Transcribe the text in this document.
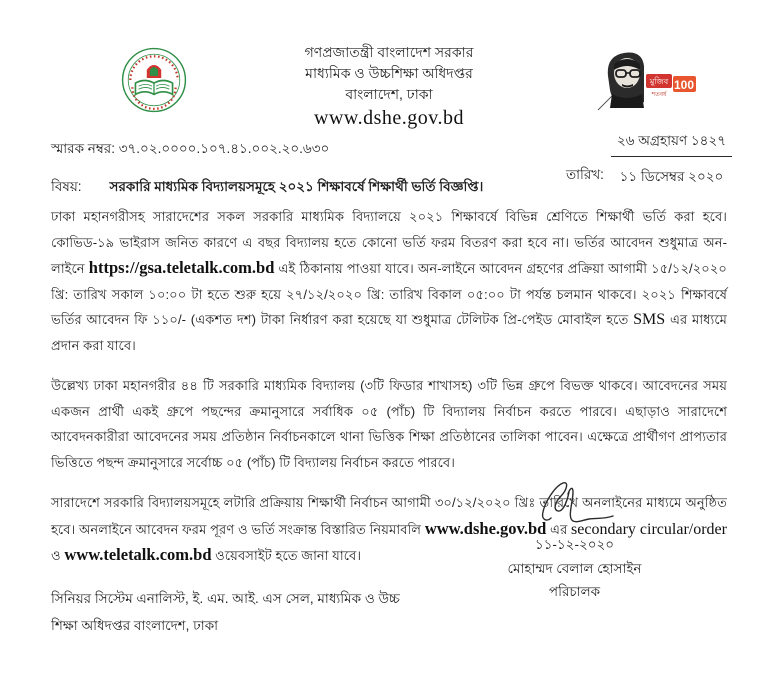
মুজিব
শতবর্ষ
100
গণপ্রজাতন্ত্রী বাংলাদেশ সরকার
মাধ্যমিক ও উচ্চশিক্ষা অধিদপ্তর
বাংলাদেশ, ঢাকা
www.dshe.gov.bd
স্মারক নম্বর: ৩৭.০২.০০০০.১০৭.৪১.০০২.২০.৬৩০
তারিখ:
২৬ অগ্রহায়ণ ১৪২৭
১১ ডিসেম্বর ২০২০
বিষয়: সরকারি মাধ্যমিক বিদ্যালয়সমূহে ২০২১ শিক্ষাবর্ষে শিক্ষার্থী ভর্তি বিজ্ঞপ্তি।

ঢাকা মহানগরীসহ সারাদেশের সকল সরকারি মাধ্যমিক বিদ্যালয়ে ২০২১ শিক্ষাবর্ষে বিভিন্ন শ্রেণিতে শিক্ষার্থী ভর্তি করা হবে। কোভিড-১৯ ভাইরাস জনিত কারণে এ বছর বিদ্যালয় হতে কোনো ভর্তি ফরম বিতরণ করা হবে না। ভর্তির আবেদন শুধুমাত্র অন-লাইনে https://gsa.teletalk.com.bd এই ঠিকানায় পাওয়া যাবে। অন-লাইনে আবেদন গ্রহণের প্রক্রিয়া আগামী ১৫/১২/২০২০ খ্রি: তারিখ সকাল ১০:০০ টা হতে শুরু হয়ে ২৭/১২/২০২০ খ্রি: তারিখ বিকাল ০৫:০০ টা পর্যন্ত চলমান থাকবে। ২০২১ শিক্ষাবর্ষে ভর্তির আবেদন ফি ১১০/- (একশত দশ) টাকা নির্ধারণ করা হয়েছে যা শুধুমাত্র টেলিটক প্রি-পেইড মোবাইল হতে SMS এর মাধ্যমে প্রদান করা যাবে।

উল্লেখ্য ঢাকা মহানগরীর ৪৪ টি সরকারি মাধ্যমিক বিদ্যালয় (৩টি ফিডার শাখাসহ) ৩টি ভিন্ন গ্রুপে বিভক্ত থাকবে। আবেদনের সময় একজন প্রার্থী একই গ্রুপে পছন্দের ক্রমানুসারে সর্বাধিক ০৫ (পাঁচ) টি বিদ্যালয় নির্বাচন করতে পারবে। এছাড়াও সারাদেশে আবেদনকারীরা আবেদনের সময় প্রতিষ্ঠান নির্বাচনকালে থানা ভিত্তিক শিক্ষা প্রতিষ্ঠানের তালিকা পাবেন। এক্ষেত্রে প্রার্থীগণ প্রাপ্যতার ভিত্তিতে পছন্দ ক্রমানুসারে সর্বোচ্চ ০৫ (পাঁচ) টি বিদ্যালয় নির্বাচন করতে পারবে।

সারাদেশে সরকারি বিদ্যালয়সমূহে লটারি প্রক্রিয়ায় শিক্ষার্থী নির্বাচন আগামী ৩০/১২/২০২০ খ্রিঃ তারিখে অনলাইনের মাধ্যমে অনুষ্ঠিত হবে। অনলাইনে আবেদন ফরম পূরণ ও ভর্তি সংক্রান্ত বিস্তারিত নিয়মাবলি www.dshe.gov.bd এর secondary circular/order ও www.teletalk.com.bd ওয়েবসাইট হতে জানা যাবে।

১১-১২-২০২০
মোহাম্মদ বেলাল হোসাইন
পরিচালক
সিনিয়র সিস্টেম এনালিস্ট, ই. এম. আই. এস সেল, মাধ্যমিক ও উচ্চ
শিক্ষা অধিদপ্তর বাংলাদেশ, ঢাকা
